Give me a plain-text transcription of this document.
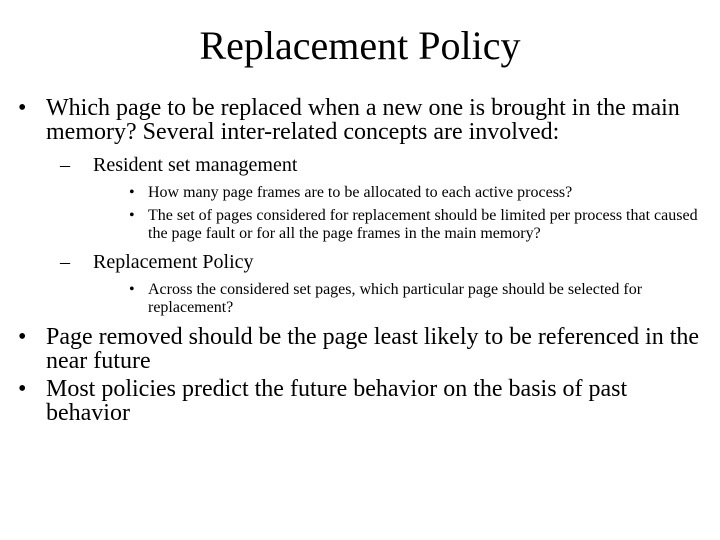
Replacement Policy
• Which page to be replaced when a new one is brought in the main memory? Several inter-related concepts are involved:
–	Resident set management
• How many page frames are to be allocated to each active process?
• The set of pages considered for replacement should be limited per process that caused the page fault or for all the page frames in the main memory?
–	Replacement Policy
• Across the considered set pages, which particular page should be selected for replacement?
• Page removed should be the page least likely to be referenced in the near future
• Most policies predict the future behavior on the basis of past behavior
